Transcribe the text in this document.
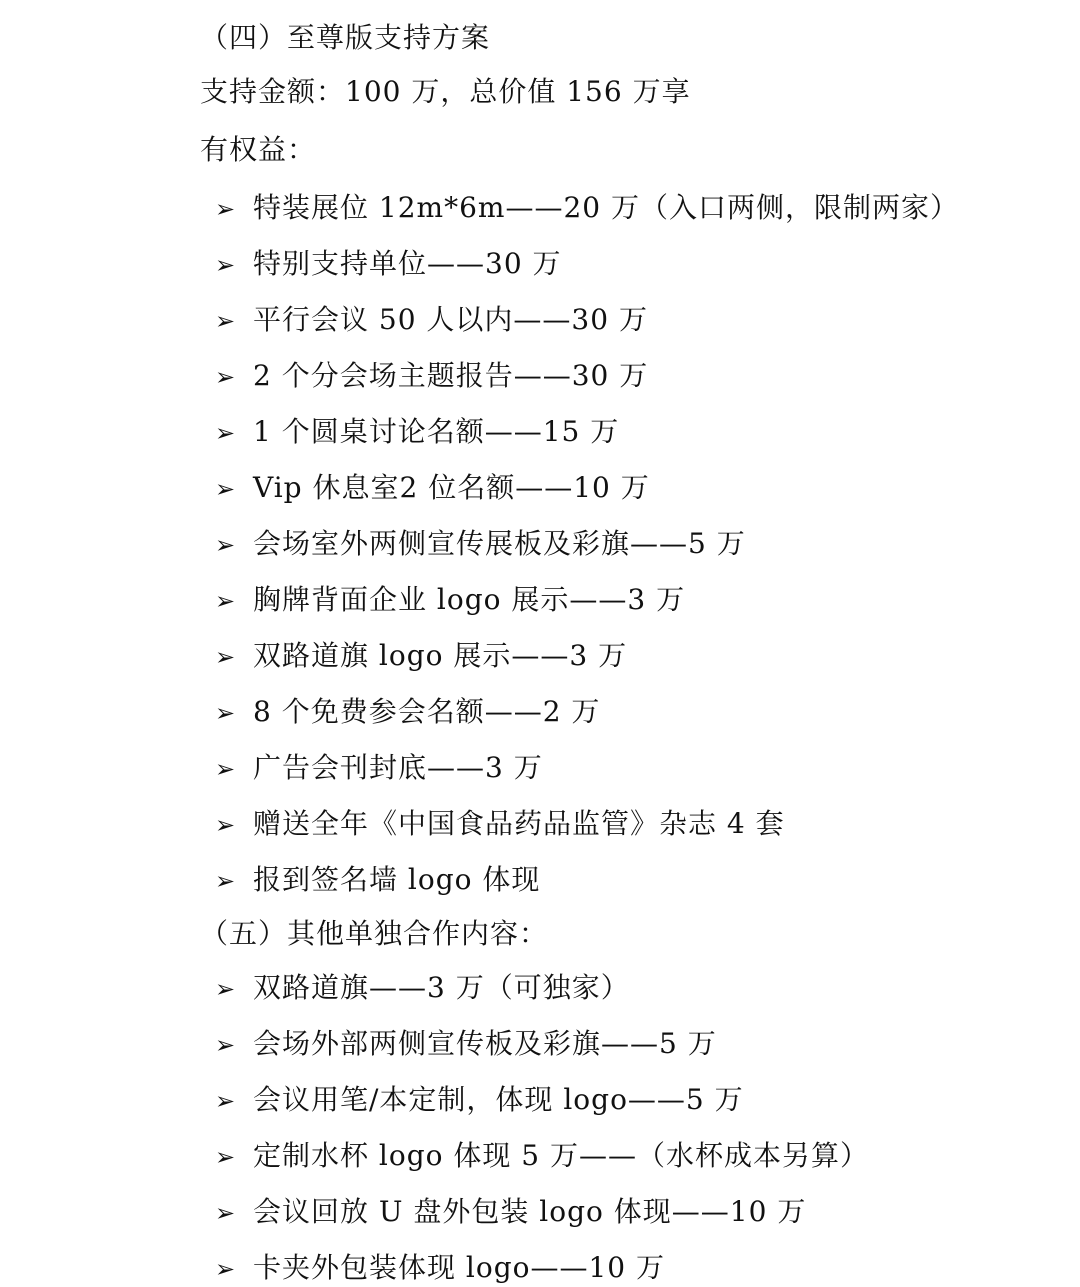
（四）至尊版支持方案
支持金额：100 万，总价值 156 万享
有权益：
➢ 特装展位 12m*6m——20 万（入口两侧，限制两家）
➢ 特别支持单位——30 万
➢ 平行会议 50 人以内——30 万
➢ 2 个分会场主题报告——30 万
➢ 1 个圆桌讨论名额——15 万
➢ Vip 休息室2 位名额——10 万
➢ 会场室外两侧宣传展板及彩旗——5 万
➢ 胸牌背面企业 logo 展示——3 万
➢ 双路道旗 logo 展示——3 万
➢ 8 个免费参会名额——2 万
➢ 广告会刊封底——3 万
➢ 赠送全年《中国食品药品监管》杂志 4 套
➢ 报到签名墙 logo 体现
（五）其他单独合作内容：
➢ 双路道旗——3 万（可独家）
➢ 会场外部两侧宣传板及彩旗——5 万
➢ 会议用笔/本定制，体现 logo——5 万
➢ 定制水杯 logo 体现 5 万——（水杯成本另算）
➢ 会议回放 U 盘外包装 logo 体现——10 万
➢ 卡夹外包装体现 logo——10 万
